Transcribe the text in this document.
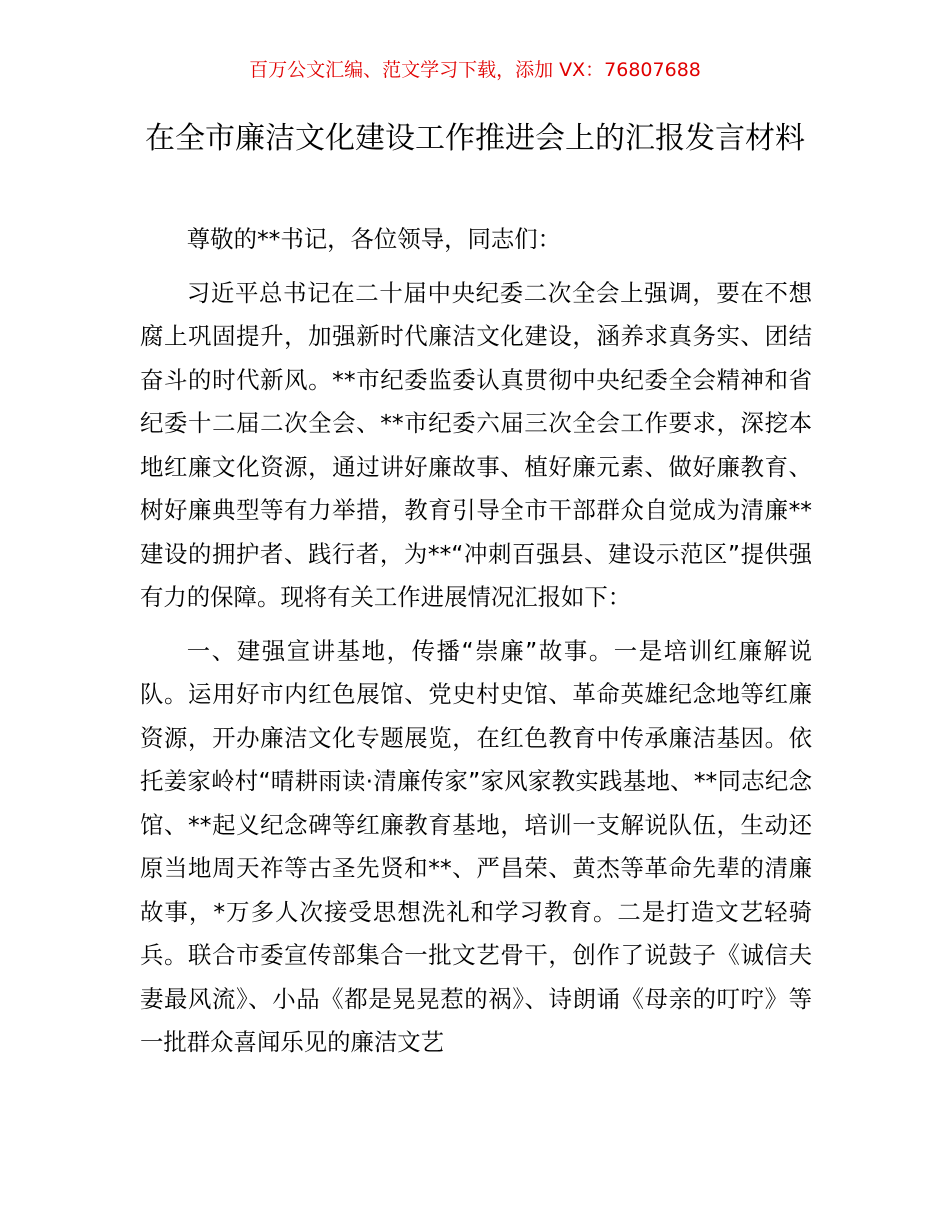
百万公文汇编、范文学习下载，添加 VX：76807688
在全市廉洁文化建设工作推进会上的汇报发言材料

尊敬的**书记，各位领导，同志们：

习近平总书记在二十届中央纪委二次全会上强调，要在不想腐上巩固提升，加强新时代廉洁文化建设，涵养求真务实、团结奋斗的时代新风。**市纪委监委认真贯彻中央纪委全会精神和省纪委十二届二次全会、**市纪委六届三次全会工作要求，深挖本地红廉文化资源，通过讲好廉故事、植好廉元素、做好廉教育、树好廉典型等有力举措，教育引导全市干部群众自觉成为清廉**建设的拥护者、践行者，为**“冲刺百强县、建设示范区”提供强有力的保障。现将有关工作进展情况汇报如下：

一、建强宣讲基地，传播“崇廉”故事。一是培训红廉解说队。运用好市内红色展馆、党史村史馆、革命英雄纪念地等红廉资源，开办廉洁文化专题展览，在红色教育中传承廉洁基因。依托姜家岭村“晴耕雨读·清廉传家”家风家教实践基地、**同志纪念馆、**起义纪念碑等红廉教育基地，培训一支解说队伍，生动还原当地周天祚等古圣先贤和**、严昌荣、黄杰等革命先辈的清廉故事，*万多人次接受思想洗礼和学习教育。二是打造文艺轻骑兵。联合市委宣传部集合一批文艺骨干，创作了说鼓子《诚信夫妻最风流》、小品《都是晃晃惹的祸》、诗朗诵《母亲的叮咛》等一批群众喜闻乐见的廉洁文艺
